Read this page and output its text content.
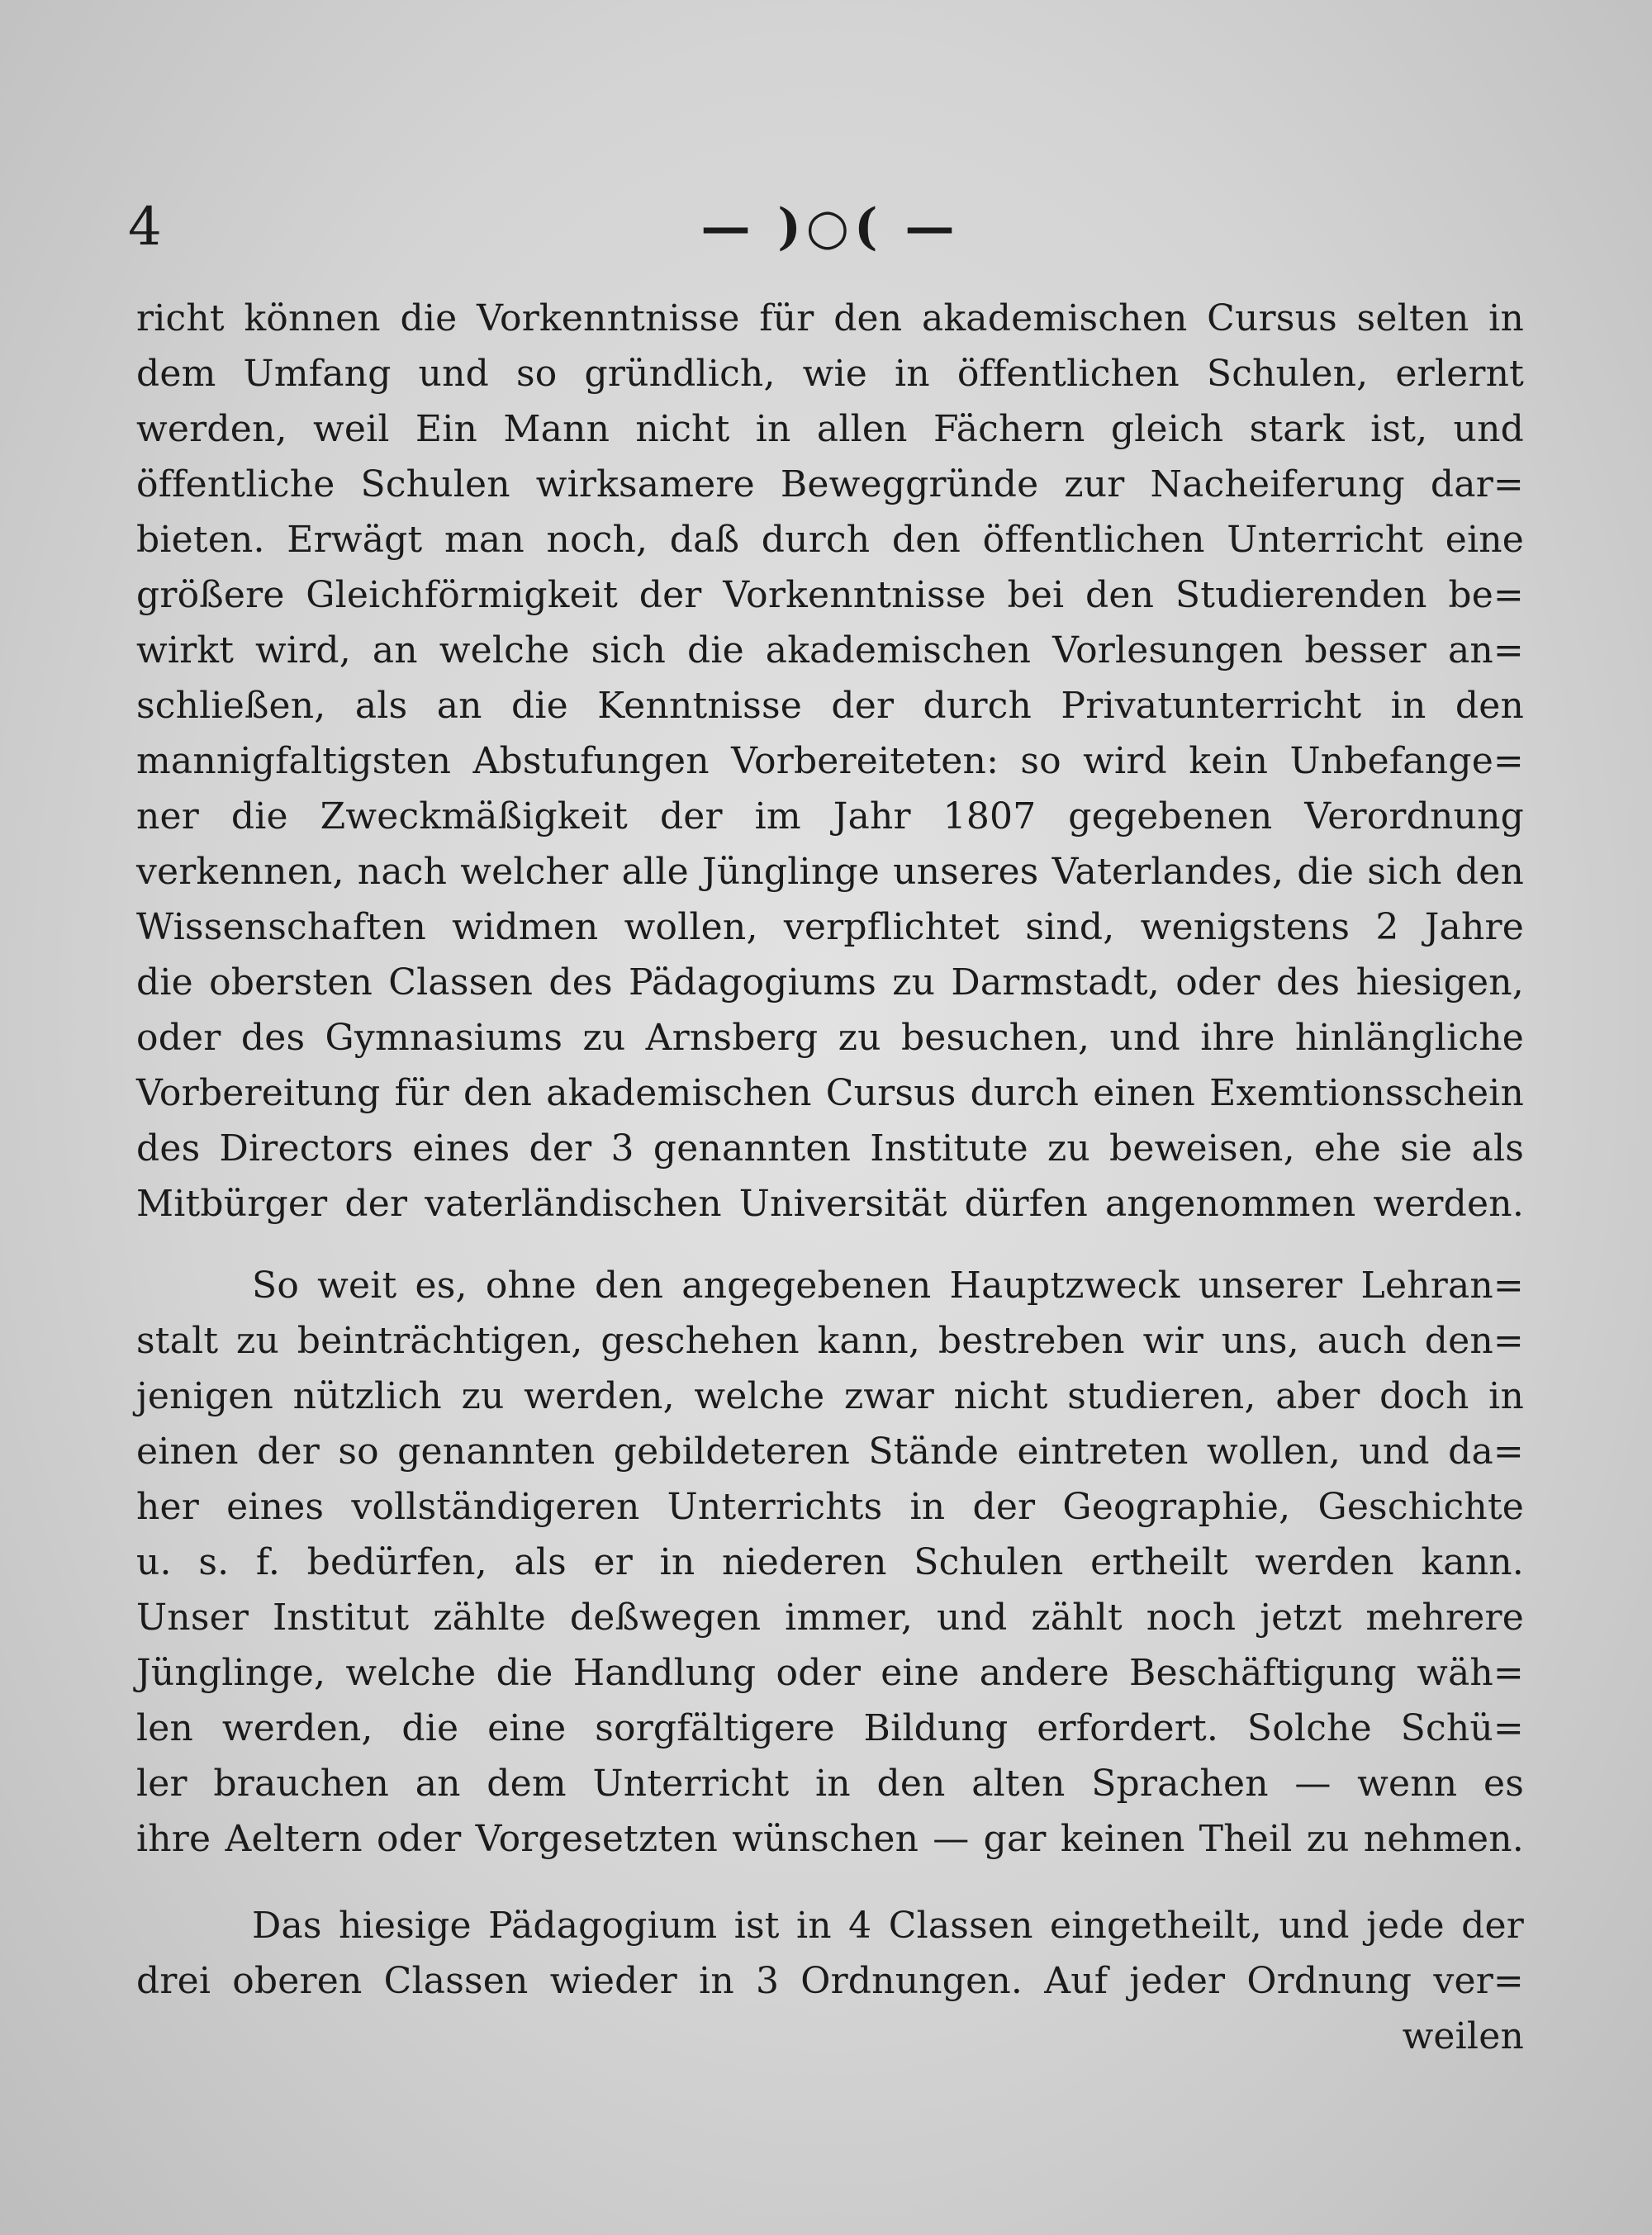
4	— )○( —
richt können die Vorkenntnisse für den akademischen Cursus selten in
dem Umfang und so gründlich, wie in öffentlichen Schulen, erlernt
werden, weil Ein Mann nicht in allen Fächern gleich stark ist, und
öffentliche Schulen wirksamere Beweggründe zur Nacheiferung dar=
bieten. Erwägt man noch, daß durch den öffentlichen Unterricht eine
größere Gleichförmigkeit der Vorkenntnisse bei den Studierenden be=
wirkt wird, an welche sich die akademischen Vorlesungen besser an=
schließen, als an die Kenntnisse der durch Privatunterricht in den
mannigfaltigsten Abstufungen Vorbereiteten: so wird kein Unbefange=
ner die Zweckmäßigkeit der im Jahr 1807 gegebenen Verordnung
verkennen, nach welcher alle Jünglinge unseres Vaterlandes, die sich den
Wissenschaften widmen wollen, verpflichtet sind, wenigstens 2 Jahre
die obersten Classen des Pädagogiums zu Darmstadt, oder des hiesigen,
oder des Gymnasiums zu Arnsberg zu besuchen, und ihre hinlängliche
Vorbereitung für den akademischen Cursus durch einen Exemtionsschein
des Directors eines der 3 genannten Institute zu beweisen, ehe sie als
Mitbürger der vaterländischen Universität dürfen angenommen werden.
So weit es, ohne den angegebenen Hauptzweck unserer Lehran=
stalt zu beinträchtigen, geschehen kann, bestreben wir uns, auch den=
jenigen nützlich zu werden, welche zwar nicht studieren, aber doch in
einen der so genannten gebildeteren Stände eintreten wollen, und da=
her eines vollständigeren Unterrichts in der Geographie, Geschichte
u. s. f. bedürfen, als er in niederen Schulen ertheilt werden kann.
Unser Institut zählte deßwegen immer, und zählt noch jetzt mehrere
Jünglinge, welche die Handlung oder eine andere Beschäftigung wäh=
len werden, die eine sorgfältigere Bildung erfordert. Solche Schü=
ler brauchen an dem Unterricht in den alten Sprachen — wenn es
ihre Aeltern oder Vorgesetzten wünschen — gar keinen Theil zu nehmen.
Das hiesige Pädagogium ist in 4 Classen eingetheilt, und jede der
drei oberen Classen wieder in 3 Ordnungen. Auf jeder Ordnung ver=
weilen
